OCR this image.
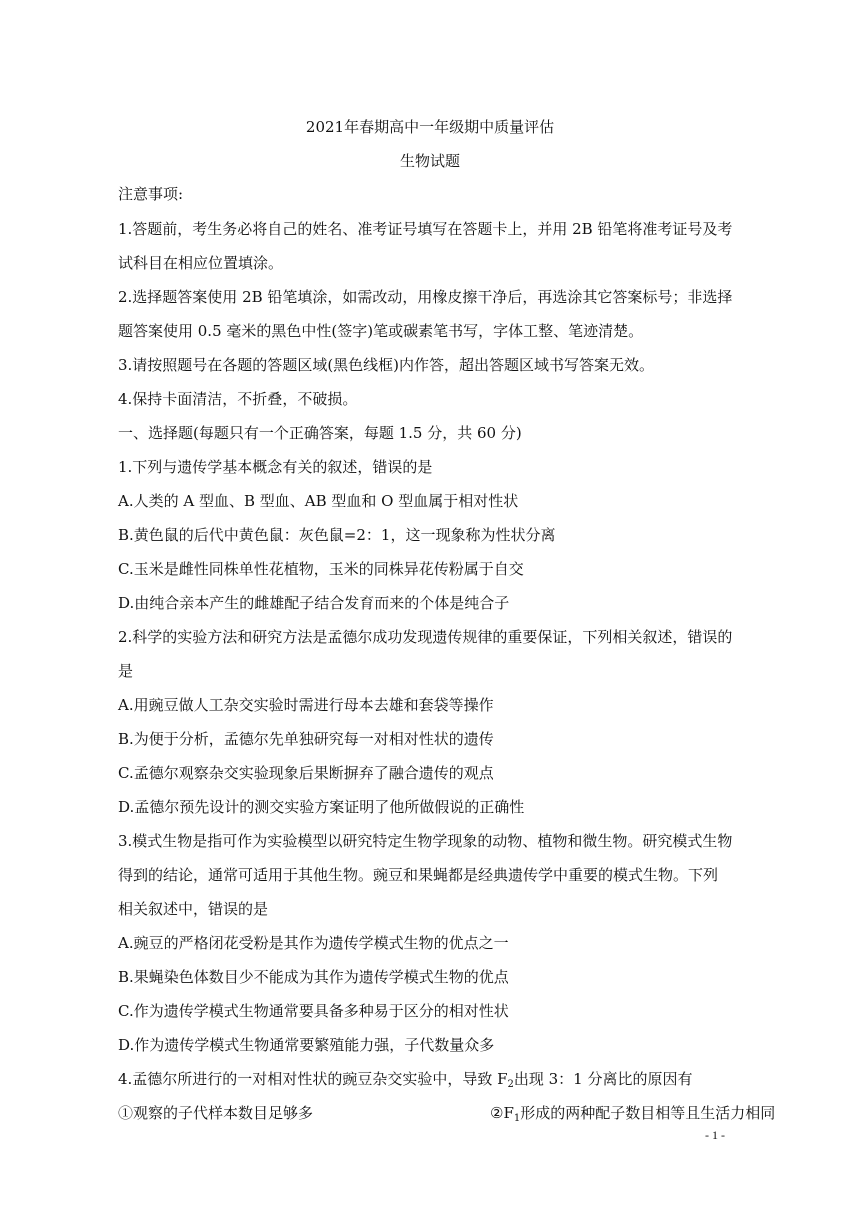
2021年春期高中一年级期中质量评估
生物试题
注意事项:
1.答题前，考生务必将自己的姓名、准考证号填写在答题卡上，并用 2B 铅笔将准考证号及考
试科目在相应位置填涂。
2.选择题答案使用 2B 铅笔填涂，如需改动，用橡皮擦干净后，再选涂其它答案标号；非选择
题答案使用 0.5 毫米的黑色中性(签字)笔或碳素笔书写，字体工整、笔迹清楚。
3.请按照题号在各题的答题区域(黑色线框)内作答，超出答题区域书写答案无效。
4.保持卡面清洁，不折叠，不破损。
一、选择题(每题只有一个正确答案，每题 1.5 分，共 60 分)
1.下列与遗传学基本概念有关的叙述，错误的是
A.人类的 A 型血、B 型血、AB 型血和 O 型血属于相对性状
B.黄色鼠的后代中黄色鼠：灰色鼠=2：1，这一现象称为性状分离
C.玉米是雌性同株单性花植物，玉米的同株异花传粉属于自交
D.由纯合亲本产生的雌雄配子结合发育而来的个体是纯合子
2.科学的实验方法和研究方法是孟德尔成功发现遗传规律的重要保证，下列相关叙述，错误的
是
A.用豌豆做人工杂交实验时需进行母本去雄和套袋等操作
B.为便于分析，孟德尔先单独研究每一对相对性状的遗传
C.孟德尔观察杂交实验现象后果断摒弃了融合遗传的观点
D.孟德尔预先设计的测交实验方案证明了他所做假说的正确性
3.模式生物是指可作为实验模型以研究特定生物学现象的动物、植物和微生物。研究模式生物
得到的结论，通常可适用于其他生物。豌豆和果蝇都是经典遗传学中重要的模式生物。下列
相关叙述中，错误的是
A.豌豆的严格闭花受粉是其作为遗传学模式生物的优点之一
B.果蝇染色体数目少不能成为其作为遗传学模式生物的优点
C.作为遗传学模式生物通常要具备多种易于区分的相对性状
D.作为遗传学模式生物通常要繁殖能力强，子代数量众多
4.孟德尔所进行的一对相对性状的豌豆杂交实验中，导致 $F_2$出现 3：1 分离比的原因有
①观察的子代样本数目足够多	$②F_1$形成的两种配子数目相等且生活力相同
- 1 -
